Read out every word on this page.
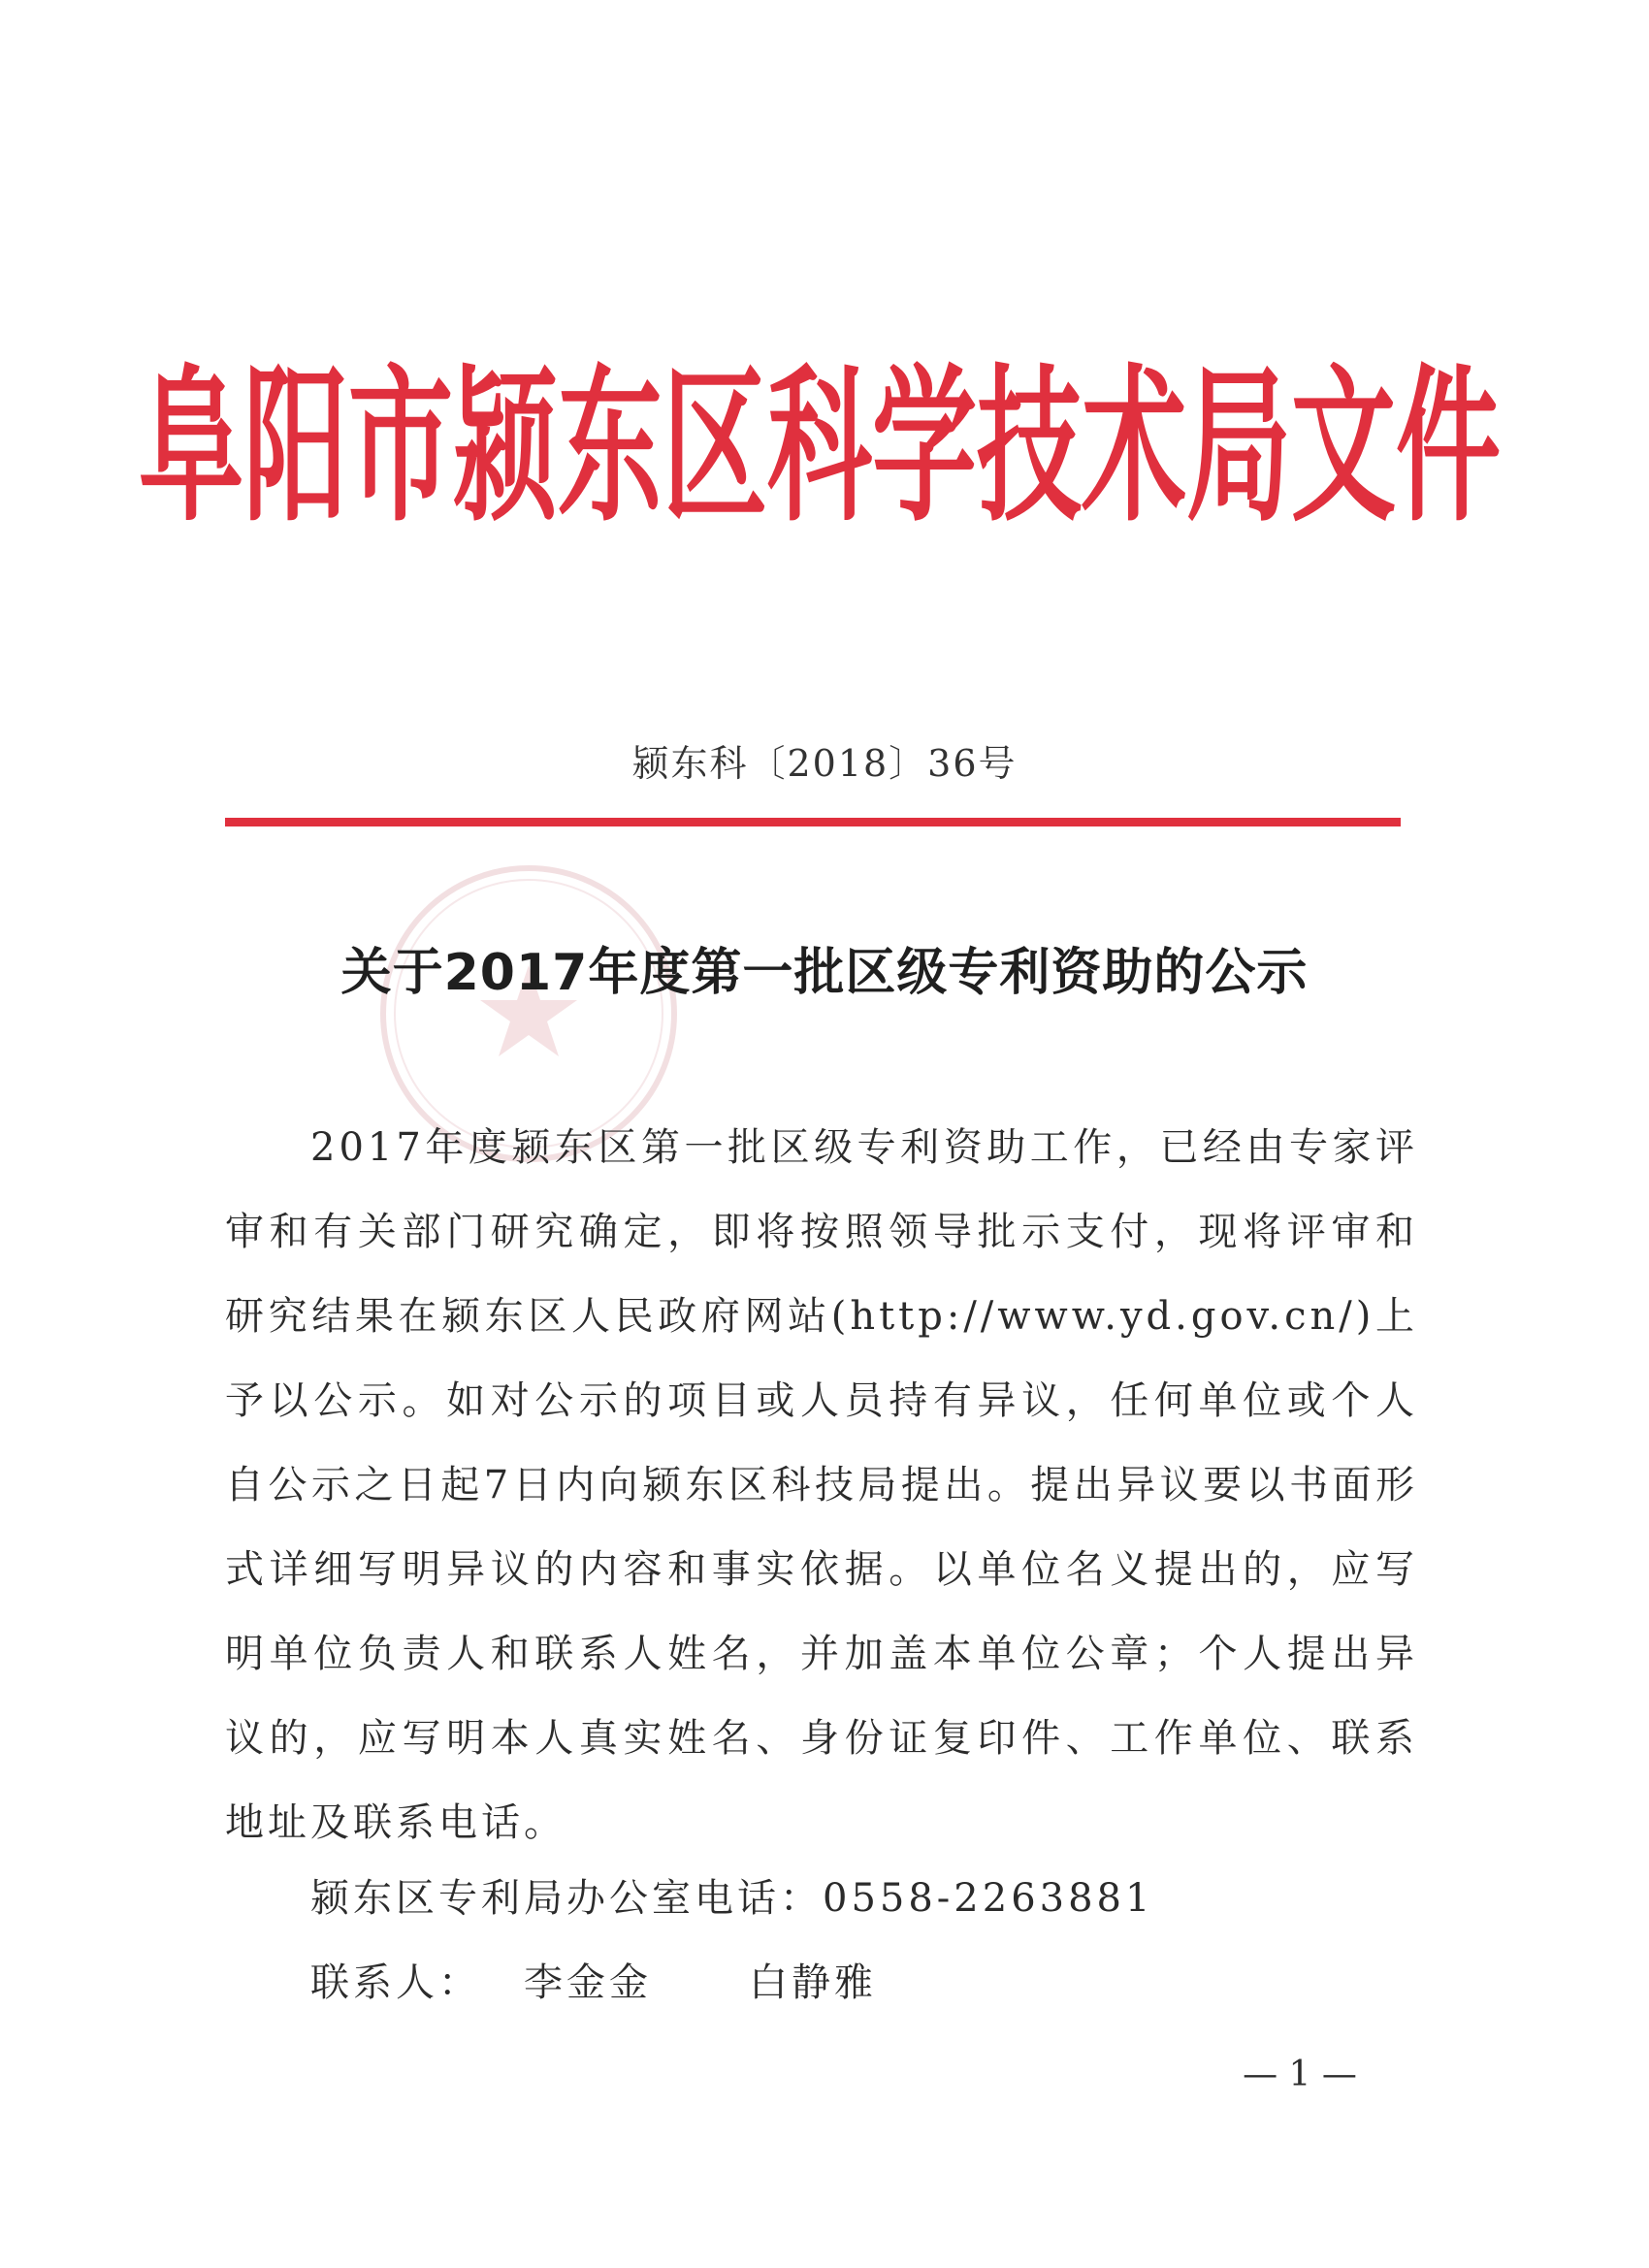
阜阳市颍东区科学技术局文件
颍东科〔2018〕36号
关于2017年度第一批区级专利资助的公示

2017年度颍东区第一批区级专利资助工作，已经由专家评审和有关部门研究确定，即将按照领导批示支付，现将评审和研究结果在颍东区人民政府网站(http://www.yd.gov.cn/)上予以公示。如对公示的项目或人员持有异议，任何单位或个人自公示之日起7日内向颍东区科技局提出。提出异议要以书面形式详细写明异议的内容和事实依据。以单位名义提出的，应写明单位负责人和联系人姓名，并加盖本单位公章；个人提出异议的，应写明本人真实姓名、身份证复印件、工作单位、联系地址及联系电话。

颍东区专利局办公室电话：0558-2263881
联系人： 李金金	白静雅
— 1 —
